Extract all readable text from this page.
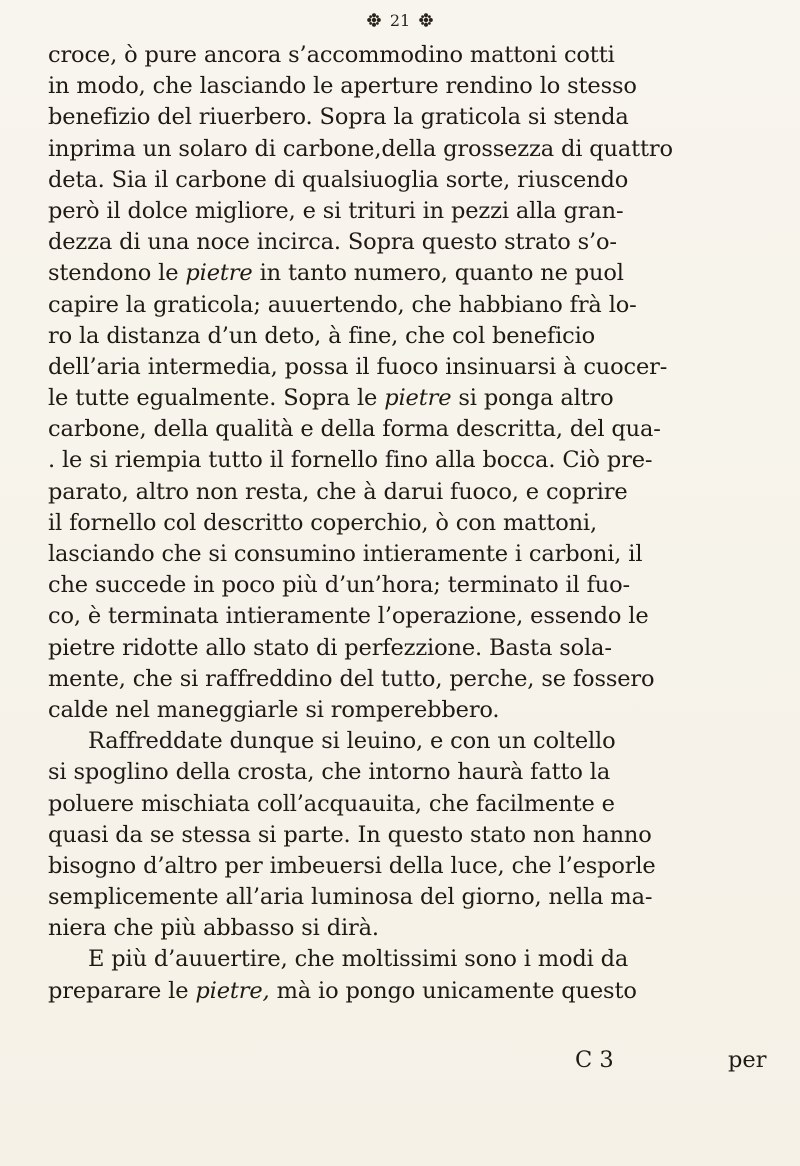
21
croce, ò pure ancora s’accommodino mattoni cotti
in modo, che lasciando le aperture rendino lo stesso
benefizio del riuerbero. Sopra la graticola si stenda
inprima un solaro di carbone,della grossezza di quattro
deta. Sia il carbone di qualsiuoglia sorte, riuscendo
però il dolce migliore, e si trituri in pezzi alla gran-
dezza di una noce incirca. Sopra questo strato s’o-
stendono le pietre in tanto numero, quanto ne puol
capire la graticola; auuertendo, che habbiano frà lo-
ro la distanza d’un deto, à fine, che col beneficio
dell’aria intermedia, possa il fuoco insinuarsi à cuocer-
le tutte egualmente. Sopra le pietre si ponga altro
carbone, della qualità e della forma descritta, del qua-
. le si riempia tutto il fornello fino alla bocca. Ciò pre-
parato, altro non resta, che à darui fuoco, e coprire
il fornello col descritto coperchio, ò con mattoni,
lasciando che si consumino intieramente i carboni, il
che succede in poco più d’un’hora; terminato il fuo-
co, è terminata intieramente l’operazione, essendo le
pietre ridotte allo stato di perfezzione. Basta sola-
mente, che si raffreddino del tutto, perche, se fossero
calde nel maneggiarle si romperebbero.
Raffreddate dunque si leuino, e con un coltello
si spoglino della crosta, che intorno haurà fatto la
poluere mischiata coll’acquauita, che facilmente e
quasi da se stessa si parte. In questo stato non hanno
bisogno d’altro per imbeuersi della luce, che l’esporle
semplicemente all’aria luminosa del giorno, nella ma-
niera che più abbasso si dirà.
E più d’auuertire, che moltissimi sono i modi da
preparare le pietre, mà io pongo unicamente questo
C 3	per
